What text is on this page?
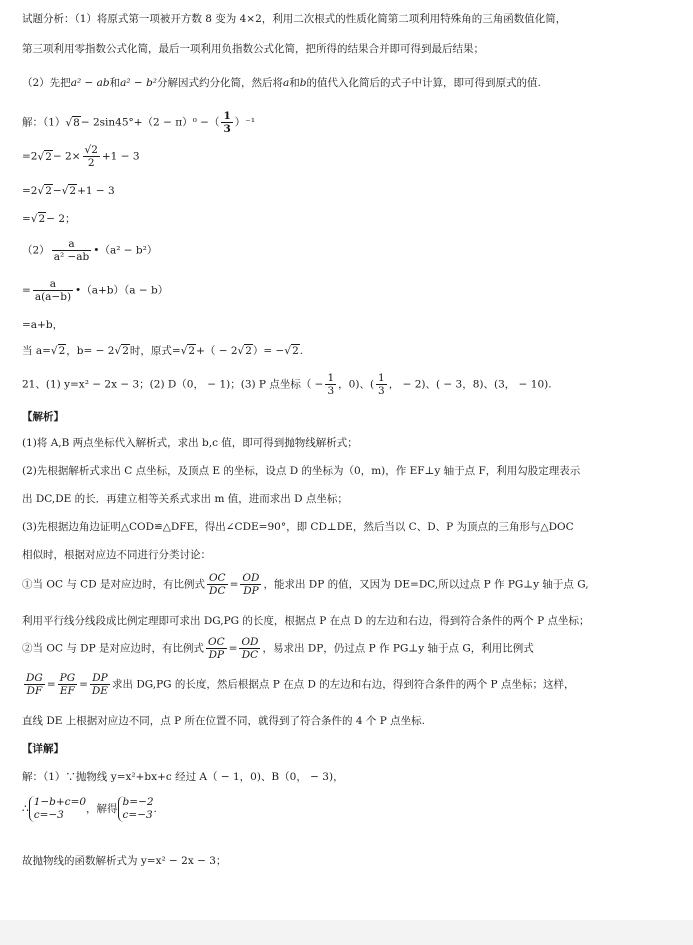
试题分析：（1）将原式第一项被开方数 8 变为 4×2，利用二次根式的性质化简第二项利用特殊角的三角函数值化简，
第三项利用零指数公式化简，最后一项利用负指数公式化简，把所得的结果合并即可得到最后结果；
（2）先把a² − ab和a² − b²分解因式约分化简，然后将a和b的值代入化简后的式子中计算，即可得到原式的值.
解：（1）√8− 2sin45°+（2 − π）⁰ −（ $\frac{1}{3} )^{-1}$
$=2√2- 2\times \frac{√2}{2} +1 - 3$
=2√2−√2+1 − 3
=√2− 2；
$(2) \frac{a}{\text{a² −ab}}$ •（a² − b²）
= $\frac{a}{a(a-b)}$ •（a+b）（a − b）
=a+b，
当 a=√2，b= − 2√2时，原式=√2+（ − 2√2）= −√2.
21、(1) y=x² − 2x − 3；(2) D（0， − 1)；(3) P 点坐标（ − $\frac{1}{3}$ ，0)、( $\frac{1}{3}$ ， − 2)、( − 3，8)、(3， − 10).
【解析】
(1)将 A,B 两点坐标代入解析式，求出 b,c 值，即可得到抛物线解析式；
(2)先根据解析式求出 C 点坐标，及顶点 E 的坐标，设点 D 的坐标为（0，m)，作 EF⊥y 轴于点 F，利用勾股定理表示
出 DC,DE 的长．再建立相等关系式求出 m 值，进而求出 D 点坐标；
(3)先根据边角边证明△COD≌△DFE，得出∠CDE=90°，即 CD⊥DE，然后当以 C、D、P 为顶点的三角形与△DOC
相似时，根据对应边不同进行分类讨论：
①当 OC 与 CD 是对应边时，有比例式 $\frac{OC}{DC} = \frac{OD}{DP}$ ，能求出 DP 的值，又因为 DE=DC,所以过点 P 作 PG⊥y 轴于点 G,
利用平行线分线段成比例定理即可求出 DG,PG 的长度，根据点 P 在点 D 的左边和右边，得到符合条件的两个 P 点坐标；
②当 OC 与 DP 是对应边时，有比例式 $\frac{OC}{DP} = \frac{OD}{DC}$ ，易求出 DP，仍过点 P 作 PG⊥y 轴于点 G，利用比例式
$\frac{DG}{DF} = \frac{PG}{EF} = \frac{DP}{DE}$ 求出 DG,PG 的长度，然后根据点 P 在点 D 的左边和右边，得到符合条件的两个 P 点坐标；这样，
直线 DE 上根据对应边不同，点 P 所在位置不同，就得到了符合条件的 4 个 P 点坐标.
【详解】
解：（1）∵抛物线 y=x²+bx+c 经过 A（ − 1，0)、B（0， − 3)，
∴
1−b+c=0
c=−3	，解得
b=−2
c=−3 .
故抛物线的函数解析式为 y=x² − 2x − 3；
